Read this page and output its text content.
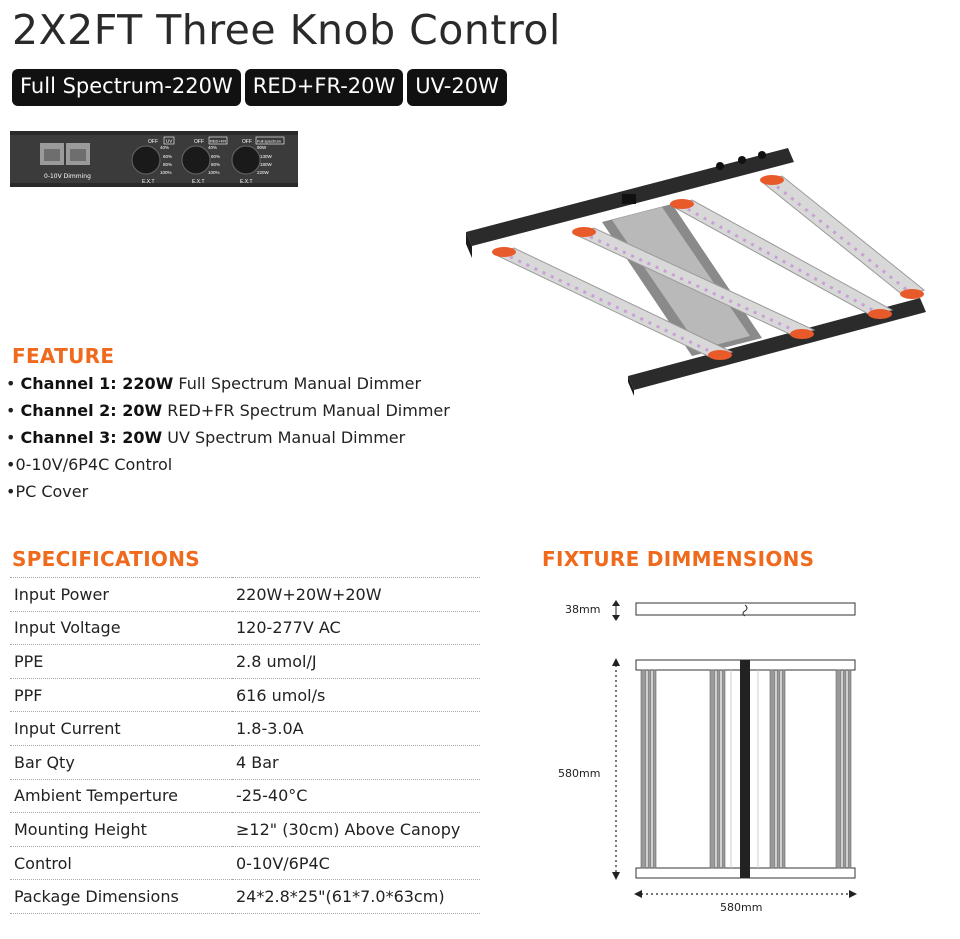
2X2FT Three Knob Control
Full Spectrum-220W RED+FR-20W UV-20W
0-10V Dimming
OFF UV
40%
60%
80%
100%
E.X.T
OFF RED+FR
40%
60%
80%
100%
E.X.T
OFF Full spectrum
90W
130W
180W
220W
E.X.T
FEATURE
• Channel 1: 220W Full Spectrum Manual Dimmer
• Channel 2: 20W RED+FR Spectrum Manual Dimmer
• Channel 3: 20W UV Spectrum Manual Dimmer
•0-10V/6P4C Control
•PC Cover
SPECIFICATIONS
Input Power	220W+20W+20W
Input Voltage	120-277V AC
PPE	2.8 umol/J
PPF	616 umol/s
Input Current	1.8-3.0A
Bar Qty	4 Bar
Ambient Temperture	-25-40°C
Mounting Height	≥12" (30cm) Above Canopy
Control	0-10V/6P4C
Package Dimensions	24*2.8*25"(61*7.0*63cm)
FIXTURE DIMMENSIONS
38mm
580mm
580mm
